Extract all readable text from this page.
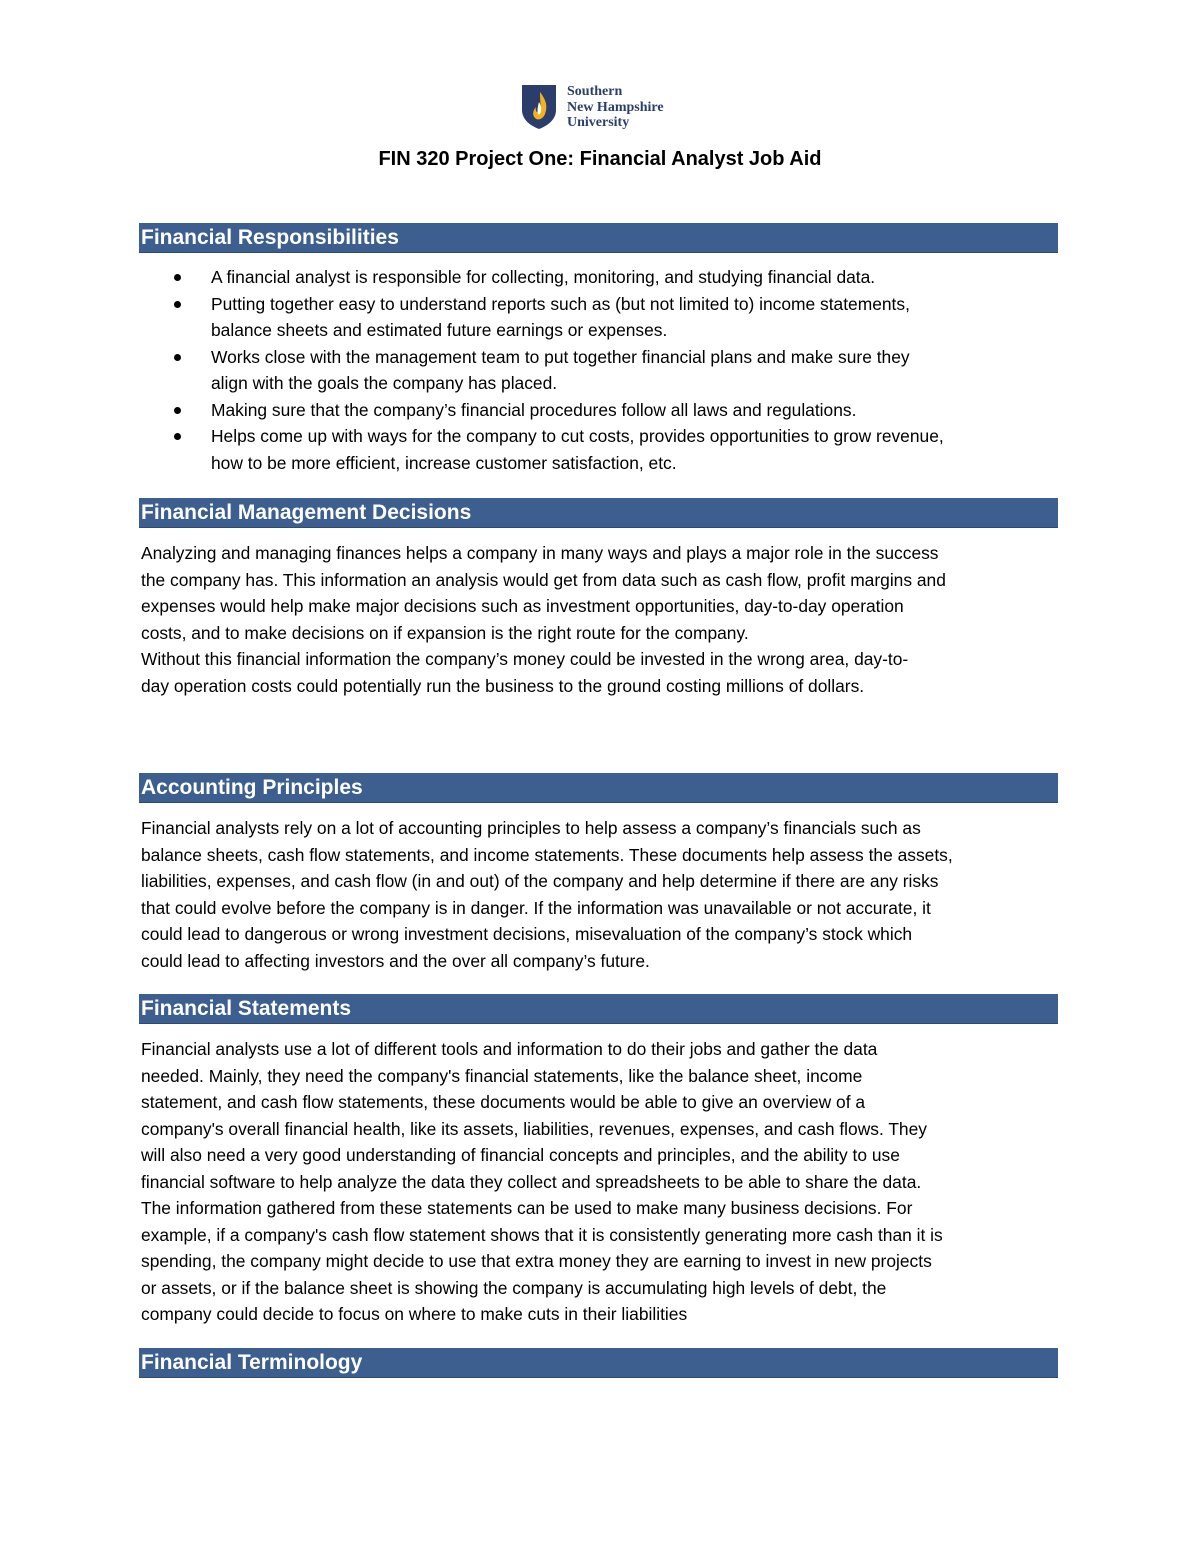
Southern
New Hampshire
University
FIN 320 Project One: Financial Analyst Job Aid
Financial Responsibilities
A financial analyst is responsible for collecting, monitoring, and studying financial data.
Putting together easy to understand reports such as (but not limited to) income statements,
balance sheets and estimated future earnings or expenses.
Works close with the management team to put together financial plans and make sure they
align with the goals the company has placed.
Making sure that the company’s financial procedures follow all laws and regulations.
Helps come up with ways for the company to cut costs, provides opportunities to grow revenue,
how to be more efficient, increase customer satisfaction, etc.
Financial Management Decisions

Analyzing and managing finances helps a company in many ways and plays a major role in the success
the company has. This information an analysis would get from data such as cash flow, profit margins and
expenses would help make major decisions such as investment opportunities, day-to-day operation
costs, and to make decisions on if expansion is the right route for the company.
Without this financial information the company’s money could be invested in the wrong area, day-to-
day operation costs could potentially run the business to the ground costing millions of dollars.

Accounting Principles

Financial analysts rely on a lot of accounting principles to help assess a company’s financials such as
balance sheets, cash flow statements, and income statements. These documents help assess the assets,
liabilities, expenses, and cash flow (in and out) of the company and help determine if there are any risks
that could evolve before the company is in danger. If the information was unavailable or not accurate, it
could lead to dangerous or wrong investment decisions, misevaluation of the company’s stock which
could lead to affecting investors and the over all company’s future.

Financial Statements

Financial analysts use a lot of different tools and information to do their jobs and gather the data
needed. Mainly, they need the company's financial statements, like the balance sheet, income
statement, and cash flow statements, these documents would be able to give an overview of a
company's overall financial health, like its assets, liabilities, revenues, expenses, and cash flows. They
will also need a very good understanding of financial concepts and principles, and the ability to use
financial software to help analyze the data they collect and spreadsheets to be able to share the data.
The information gathered from these statements can be used to make many business decisions. For
example, if a company's cash flow statement shows that it is consistently generating more cash than it is
spending, the company might decide to use that extra money they are earning to invest in new projects
or assets, or if the balance sheet is showing the company is accumulating high levels of debt, the
company could decide to focus on where to make cuts in their liabilities

Financial Terminology
